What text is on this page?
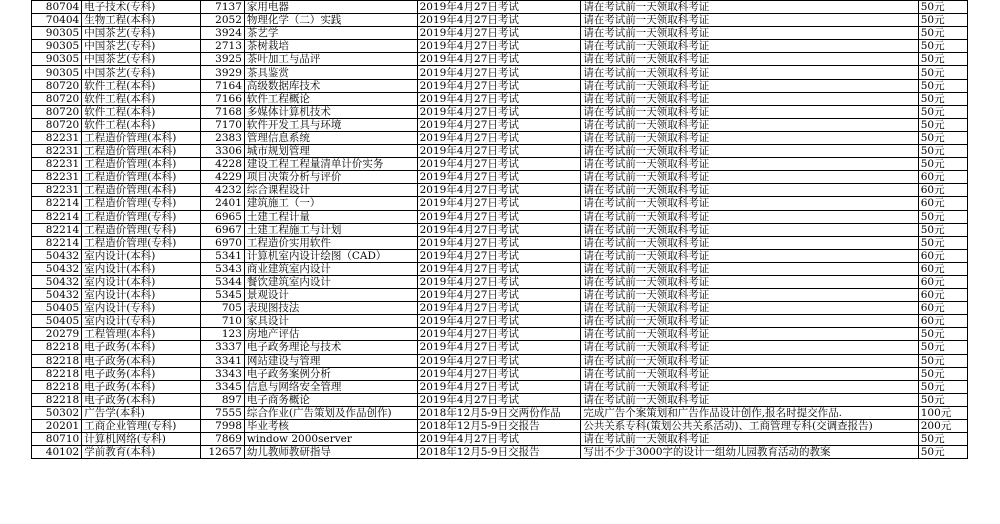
80704	电子技术(专科)	7137	家用电器	2019年4月27日考试	请在考试前一天领取科考证	50元
70404	生物工程(本科)	2052	物理化学（二）实践	2019年4月27日考试	请在考试前一天领取科考证	50元
90305	中国茶艺(专科)	3924	茶艺学	2019年4月27日考试	请在考试前一天领取科考证	50元
90305	中国茶艺(专科)	2713	茶树栽培	2019年4月27日考试	请在考试前一天领取科考证	50元
90305	中国茶艺(专科)	3925	茶叶加工与品评	2019年4月27日考试	请在考试前一天领取科考证	50元
90305	中国茶艺(专科)	3929	茶具鉴赏	2019年4月27日考试	请在考试前一天领取科考证	50元
80720	软件工程(本科)	7164	高级数据库技术	2019年4月27日考试	请在考试前一天领取科考证	50元
80720	软件工程(本科)	7166	软件工程概论	2019年4月27日考试	请在考试前一天领取科考证	50元
80720	软件工程(本科)	7168	多媒体计算机技术	2019年4月27日考试	请在考试前一天领取科考证	50元
80720	软件工程(本科)	7170	软件开发工具与环境	2019年4月27日考试	请在考试前一天领取科考证	50元
82231	工程造价管理(本科)	2383	管理信息系统	2019年4月27日考试	请在考试前一天领取科考证	50元
82231	工程造价管理(本科)	3306	城市规划管理	2019年4月27日考试	请在考试前一天领取科考证	50元
82231	工程造价管理(本科)	4228	建设工程工程量清单计价实务	2019年4月27日考试	请在考试前一天领取科考证	50元
82231	工程造价管理(本科)	4229	项目决策分析与评价	2019年4月27日考试	请在考试前一天领取科考证	60元
82231	工程造价管理(本科)	4232	综合课程设计	2019年4月27日考试	请在考试前一天领取科考证	60元
82214	工程造价管理(专科)	2401	建筑施工（一）	2019年4月27日考试	请在考试前一天领取科考证	60元
82214	工程造价管理(专科)	6965	土建工程计量	2019年4月27日考试	请在考试前一天领取科考证	50元
82214	工程造价管理(专科)	6967	土建工程施工与计划	2019年4月27日考试	请在考试前一天领取科考证	50元
82214	工程造价管理(专科)	6970	工程造价实用软件	2019年4月27日考试	请在考试前一天领取科考证	50元
50432	室内设计(本科)	5341	计算机室内设计绘图（CAD）	2019年4月27日考试	请在考试前一天领取科考证	60元
50432	室内设计(本科)	5343	商业建筑室内设计	2019年4月27日考试	请在考试前一天领取科考证	60元
50432	室内设计(本科)	5344	餐饮建筑室内设计	2019年4月27日考试	请在考试前一天领取科考证	60元
50432	室内设计(本科)	5345	景观设计	2019年4月27日考试	请在考试前一天领取科考证	60元
50405	室内设计(专科)	705	表现图技法	2019年4月27日考试	请在考试前一天领取科考证	60元
50405	室内设计(专科)	710	家具设计	2019年4月27日考试	请在考试前一天领取科考证	60元
20279	工程管理(本科)	123	房地产评估	2019年4月27日考试	请在考试前一天领取科考证	50元
82218	电子政务(本科)	3337	电子政务理论与技术	2019年4月27日考试	请在考试前一天领取科考证	50元
82218	电子政务(本科)	3341	网站建设与管理	2019年4月27日考试	请在考试前一天领取科考证	50元
82218	电子政务(本科)	3343	电子政务案例分析	2019年4月27日考试	请在考试前一天领取科考证	50元
82218	电子政务(本科)	3345	信息与网络安全管理	2019年4月27日考试	请在考试前一天领取科考证	50元
82218	电子政务(本科)	897	电子商务概论	2019年4月27日考试	请在考试前一天领取科考证	50元
50302	广告学(本科)	7555	综合作业(广告策划及作品创作)	2018年12月5-9日交两份作品	完成广告个案策划和广告作品设计创作,报名时提交作品.	100元
20201	工商企业管理(专科)	7998	毕业考核	2018年12月5-9日交报告	公共关系专科(策划公共关系活动)、工商管理专科(交调查报告)	200元
80710	计算机网络(专科)	7869	window 2000server	2019年4月27日考试	请在考试前一天领取科考证	50元
40102	学前教育(本科)	12657	幼儿教师教研指导	2018年12月5-9日交报告	写出不少于3000字的设计一组幼儿园教育活动的教案	50元
